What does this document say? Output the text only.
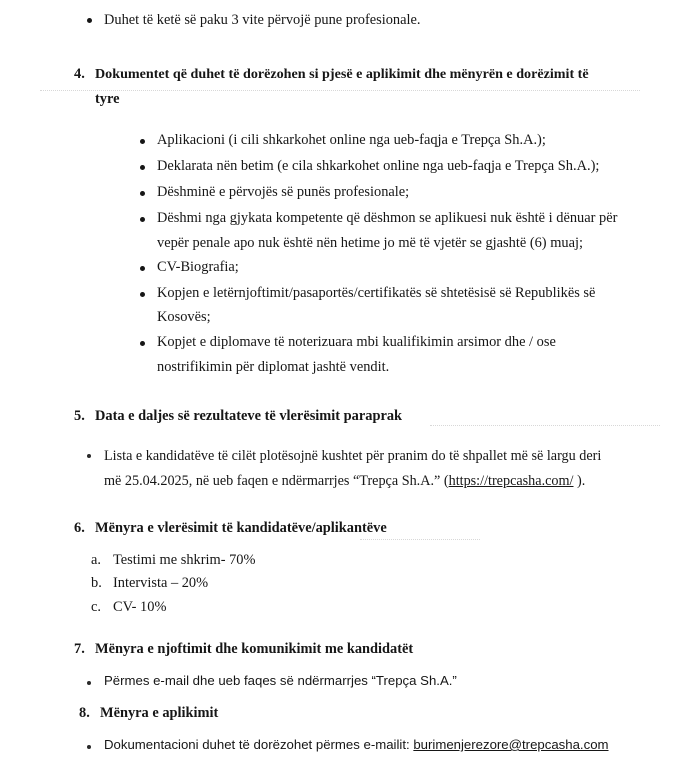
Duhet të ketë së paku 3 vite përvojë pune profesionale.
4. Dokumentet që duhet të dorëzohen si pjesë e aplikimit dhe mënyrën e dorëzimit të
tyre
Aplikacioni (i cili shkarkohet online nga ueb-faqja e Trepça Sh.A.);
Deklarata nën betim (e cila shkarkohet online nga ueb-faqja e Trepça Sh.A.);
Dëshminë e përvojës së punës profesionale;
Dëshmi nga gjykata kompetente që dëshmon se aplikuesi nuk është i dënuar për
vepër penale apo nuk është nën hetime jo më të vjetër se gjashtë (6) muaj;
CV-Biografia;
Kopjen e letërnjoftimit/pasaportës/certifikatës së shtetësisë së Republikës së
Kosovës;
Kopjet e diplomave të noterizuara mbi kualifikimin arsimor dhe / ose
nostrifikimin për diplomat jashtë vendit.
5. Data e daljes së rezultateve të vlerësimit paraprak
Lista e kandidatëve të cilët plotësojnë kushtet për pranim do të shpallet më së largu deri
më 25.04.2025, në ueb faqen e ndërmarrjes “Trepça Sh.A.” (https://trepcasha.com/ ).
6. Mënyra e vlerësimit të kandidatëve/aplikantëve
a. Testimi me shkrim- 70%
b. Intervista – 20%
c. CV- 10%
7. Mënyra e njoftimit dhe komunikimit me kandidatët
Përmes e-mail dhe ueb faqes së ndërmarrjes “Trepça Sh.A.”
8. Mënyra e aplikimit
Dokumentacioni duhet të dorëzohet përmes e-mailit: burimenjerezore@trepcasha.com
